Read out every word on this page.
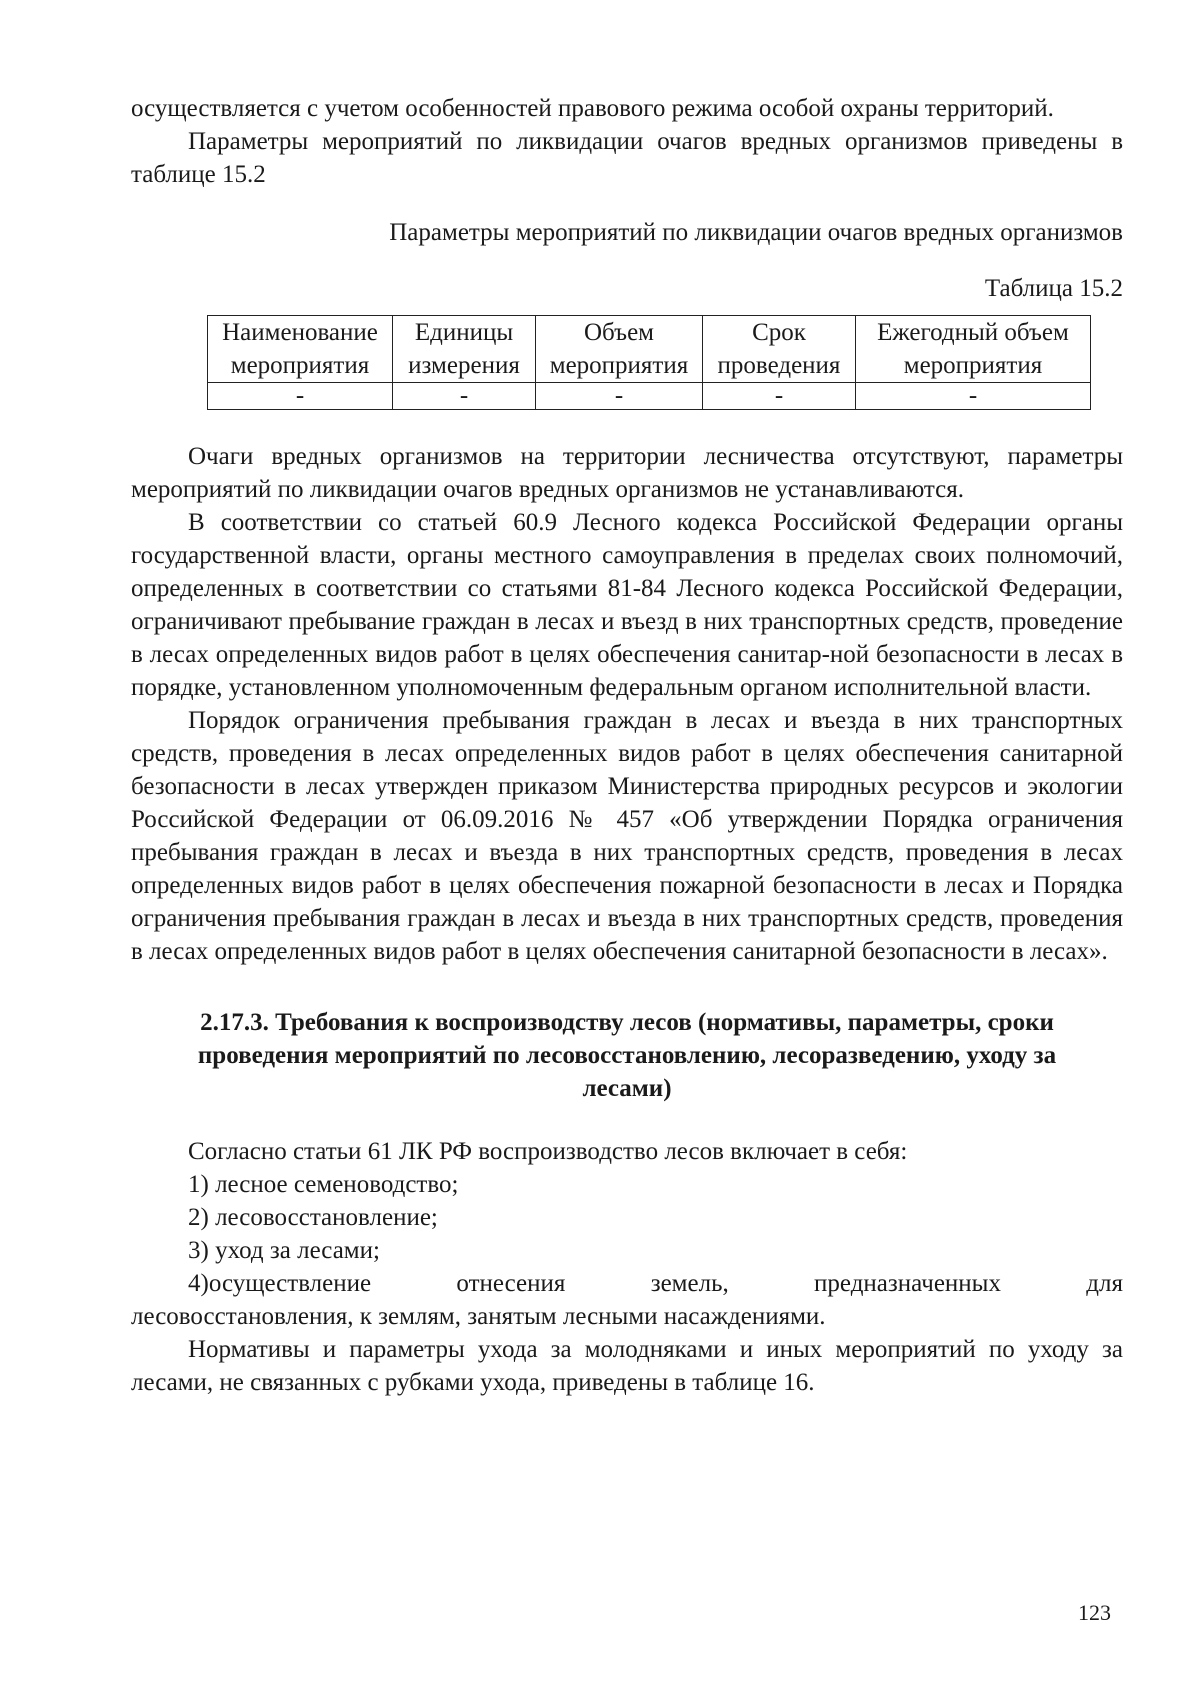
осуществляется с учетом особенностей правового режима особой охраны территорий.

Параметры мероприятий по ликвидации очагов вредных организмов приведены в таблице 15.2

Параметры мероприятий по ликвидации очагов вредных организмов

Таблица 15.2

Наименование мероприятия	Единицы измерения	Объем мероприятия	Срок проведения	Ежегодный объем мероприятия
-	-	-	-	-

Очаги вредных организмов на территории лесничества отсутствуют, параметры мероприятий по ликвидации очагов вредных организмов не устанавливаются.

В соответствии со статьей 60.9 Лесного кодекса Российской Федерации органы государственной власти, органы местного самоуправления в пределах своих полномочий, определенных в соответствии со статьями 81-84 Лесного кодекса Российской Федерации, ограничивают пребывание граждан в лесах и въезд в них транспортных средств, проведение в лесах определенных видов работ в целях обеспечения санитар-ной безопасности в лесах в порядке, установленном уполномоченным федеральным органом исполнительной власти.

Порядок ограничения пребывания граждан в лесах и въезда в них транспортных средств, проведения в лесах определенных видов работ в целях обеспечения санитарной безопасности в лесах утвержден приказом Министерства природных ресурсов и экологии Российской Федерации от 06.09.2016 № 457 «Об утверждении Порядка ограничения пребывания граждан в лесах и въезда в них транспортных средств, проведения в лесах определенных видов работ в целях обеспечения пожарной безопасности в лесах и Порядка ограничения пребывания граждан в лесах и въезда в них транспортных средств, проведения в лесах определенных видов работ в целях обеспечения санитарной безопасности в лесах».

2.17.3. Требования к воспроизводству лесов (нормативы, параметры, сроки проведения мероприятий по лесовосстановлению, лесоразведению, уходу за лесами)

Согласно статьи 61 ЛК РФ воспроизводство лесов включает в себя:

1) лесное семеноводство;

2) лесовосстановление;

3) уход за лесами;

4)осуществление отнесения земель, предназначенных для

лесовосстановления, к землям, занятым лесными насаждениями.

Нормативы и параметры ухода за молодняками и иных мероприятий по уходу за лесами, не связанных с рубками ухода, приведены в таблице 16.

123
